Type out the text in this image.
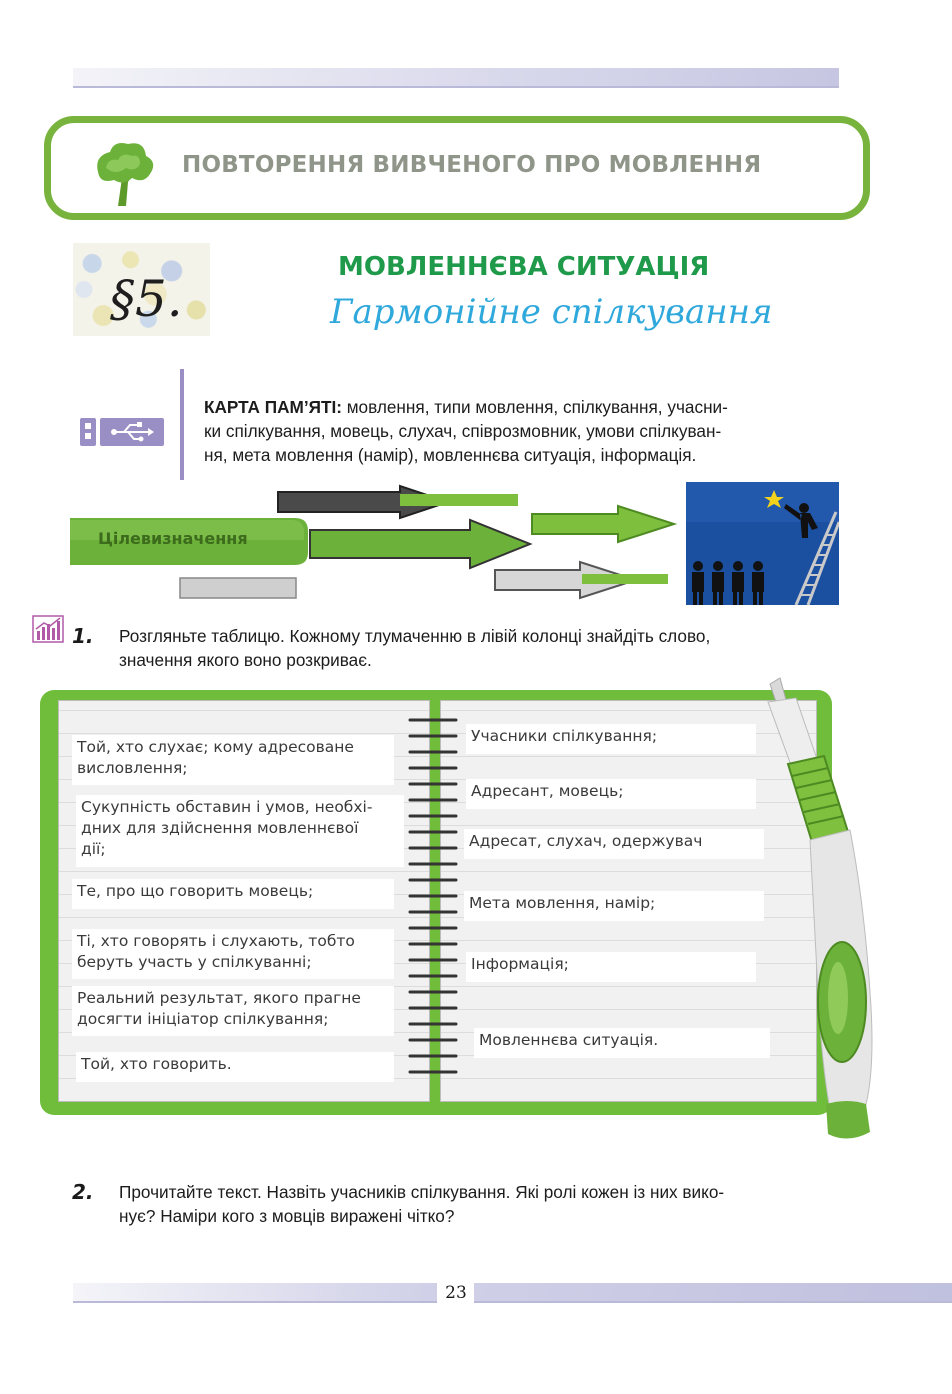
ПОВТОРЕННЯ ВИВЧЕНОГО ПРО МОВЛЕННЯ
§5.
МОВЛЕННЄВА СИТУАЦІЯ
Гармонійне спілкування
КАРТА ПАМ’ЯТІ: мовлення, типи мовлення, спілкування, учасни-
ки спілкування, мовець, слухач, співрозмовник, умови спілкуван-
ня, мета мовлення (намір), мовленнєва ситуація, інформація.
Цілевизначення
1. Розгляньте таблицю. Кожному тлумаченню в лівій колонці знайдіть слово,
значення якого воно розкриває.
Той, хто слухає; кому адресоване
висловлення;
Сукупність обставин і умов, необхі-
дних для здійснення мовленнєвої
дії;
Те, про що говорить мовець;
Ті, хто говорять і слухають, тобто
беруть участь у спілкуванні;
Реальний результат, якого прагне
досягти ініціатор спілкування;
Той, хто говорить.
Учасники спілкування;
Адресант, мовець;
Адресат, слухач, одержувач
Мета мовлення, намір;
Інформація;
Мовленнєва ситуація.
2. Прочитайте текст. Назвіть учасників спілкування. Які ролі кожен із них вико-
нує? Наміри кого з мовців виражені чітко?
23
